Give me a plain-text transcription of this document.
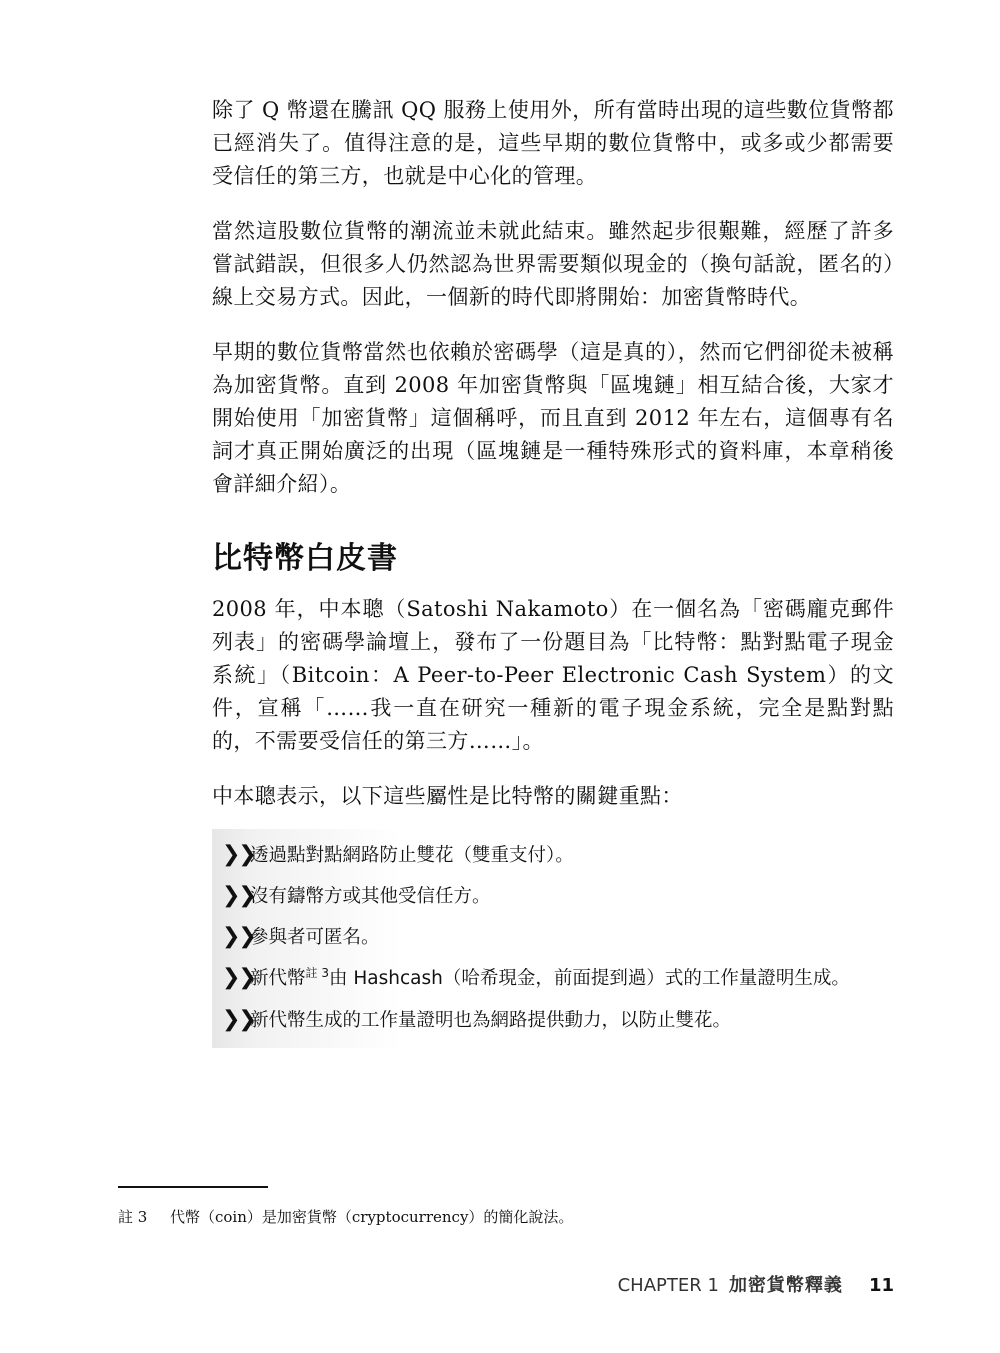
除了 Q 幣還在騰訊 QQ 服務上使用外，所有當時出現的這些數位貨幣都已經消失了。值得注意的是，這些早期的數位貨幣中，或多或少都需要受信任的第三方，也就是中心化的管理。

當然這股數位貨幣的潮流並未就此結束。雖然起步很艱難，經歷了許多嘗試錯誤，但很多人仍然認為世界需要類似現金的（換句話說，匿名的）線上交易方式。因此，一個新的時代即將開始：加密貨幣時代。

早期的數位貨幣當然也依賴於密碼學（這是真的），然而它們卻從未被稱為加密貨幣。直到 2008 年加密貨幣與「區塊鏈」相互結合後，大家才開始使用「加密貨幣」這個稱呼，而且直到 2012 年左右，這個專有名詞才真正開始廣泛的出現（區塊鏈是一種特殊形式的資料庫，本章稍後會詳細介紹）。

比特幣白皮書

2008 年，中本聰（Satoshi Nakamoto）在一個名為「密碼龐克郵件列表」的密碼學論壇上，發布了一份題目為「比特幣：點對點電子現金系統」（Bitcoin：A Peer-to-Peer Electronic Cash System）的文件，宣稱「……我一直在研究一種新的電子現金系統，完全是點對點的，不需要受信任的第三方……」。

中本聰表示，以下這些屬性是比特幣的關鍵重點：

❯❯
透過點對點網路防止雙花（雙重支付）。
❯❯
沒有鑄幣方或其他受信任方。
❯❯
參與者可匿名。
❯❯
新代幣$^{註 3}$由 Hashcash（哈希現金，前面提到過）式的工作量證明生成。
❯❯
新代幣生成的工作量證明也為網路提供動力，以防止雙花。
註 3	代幣（coin）是加密貨幣（cryptocurrency）的簡化說法。
CHAPTER 1 加密貨幣釋義 11
